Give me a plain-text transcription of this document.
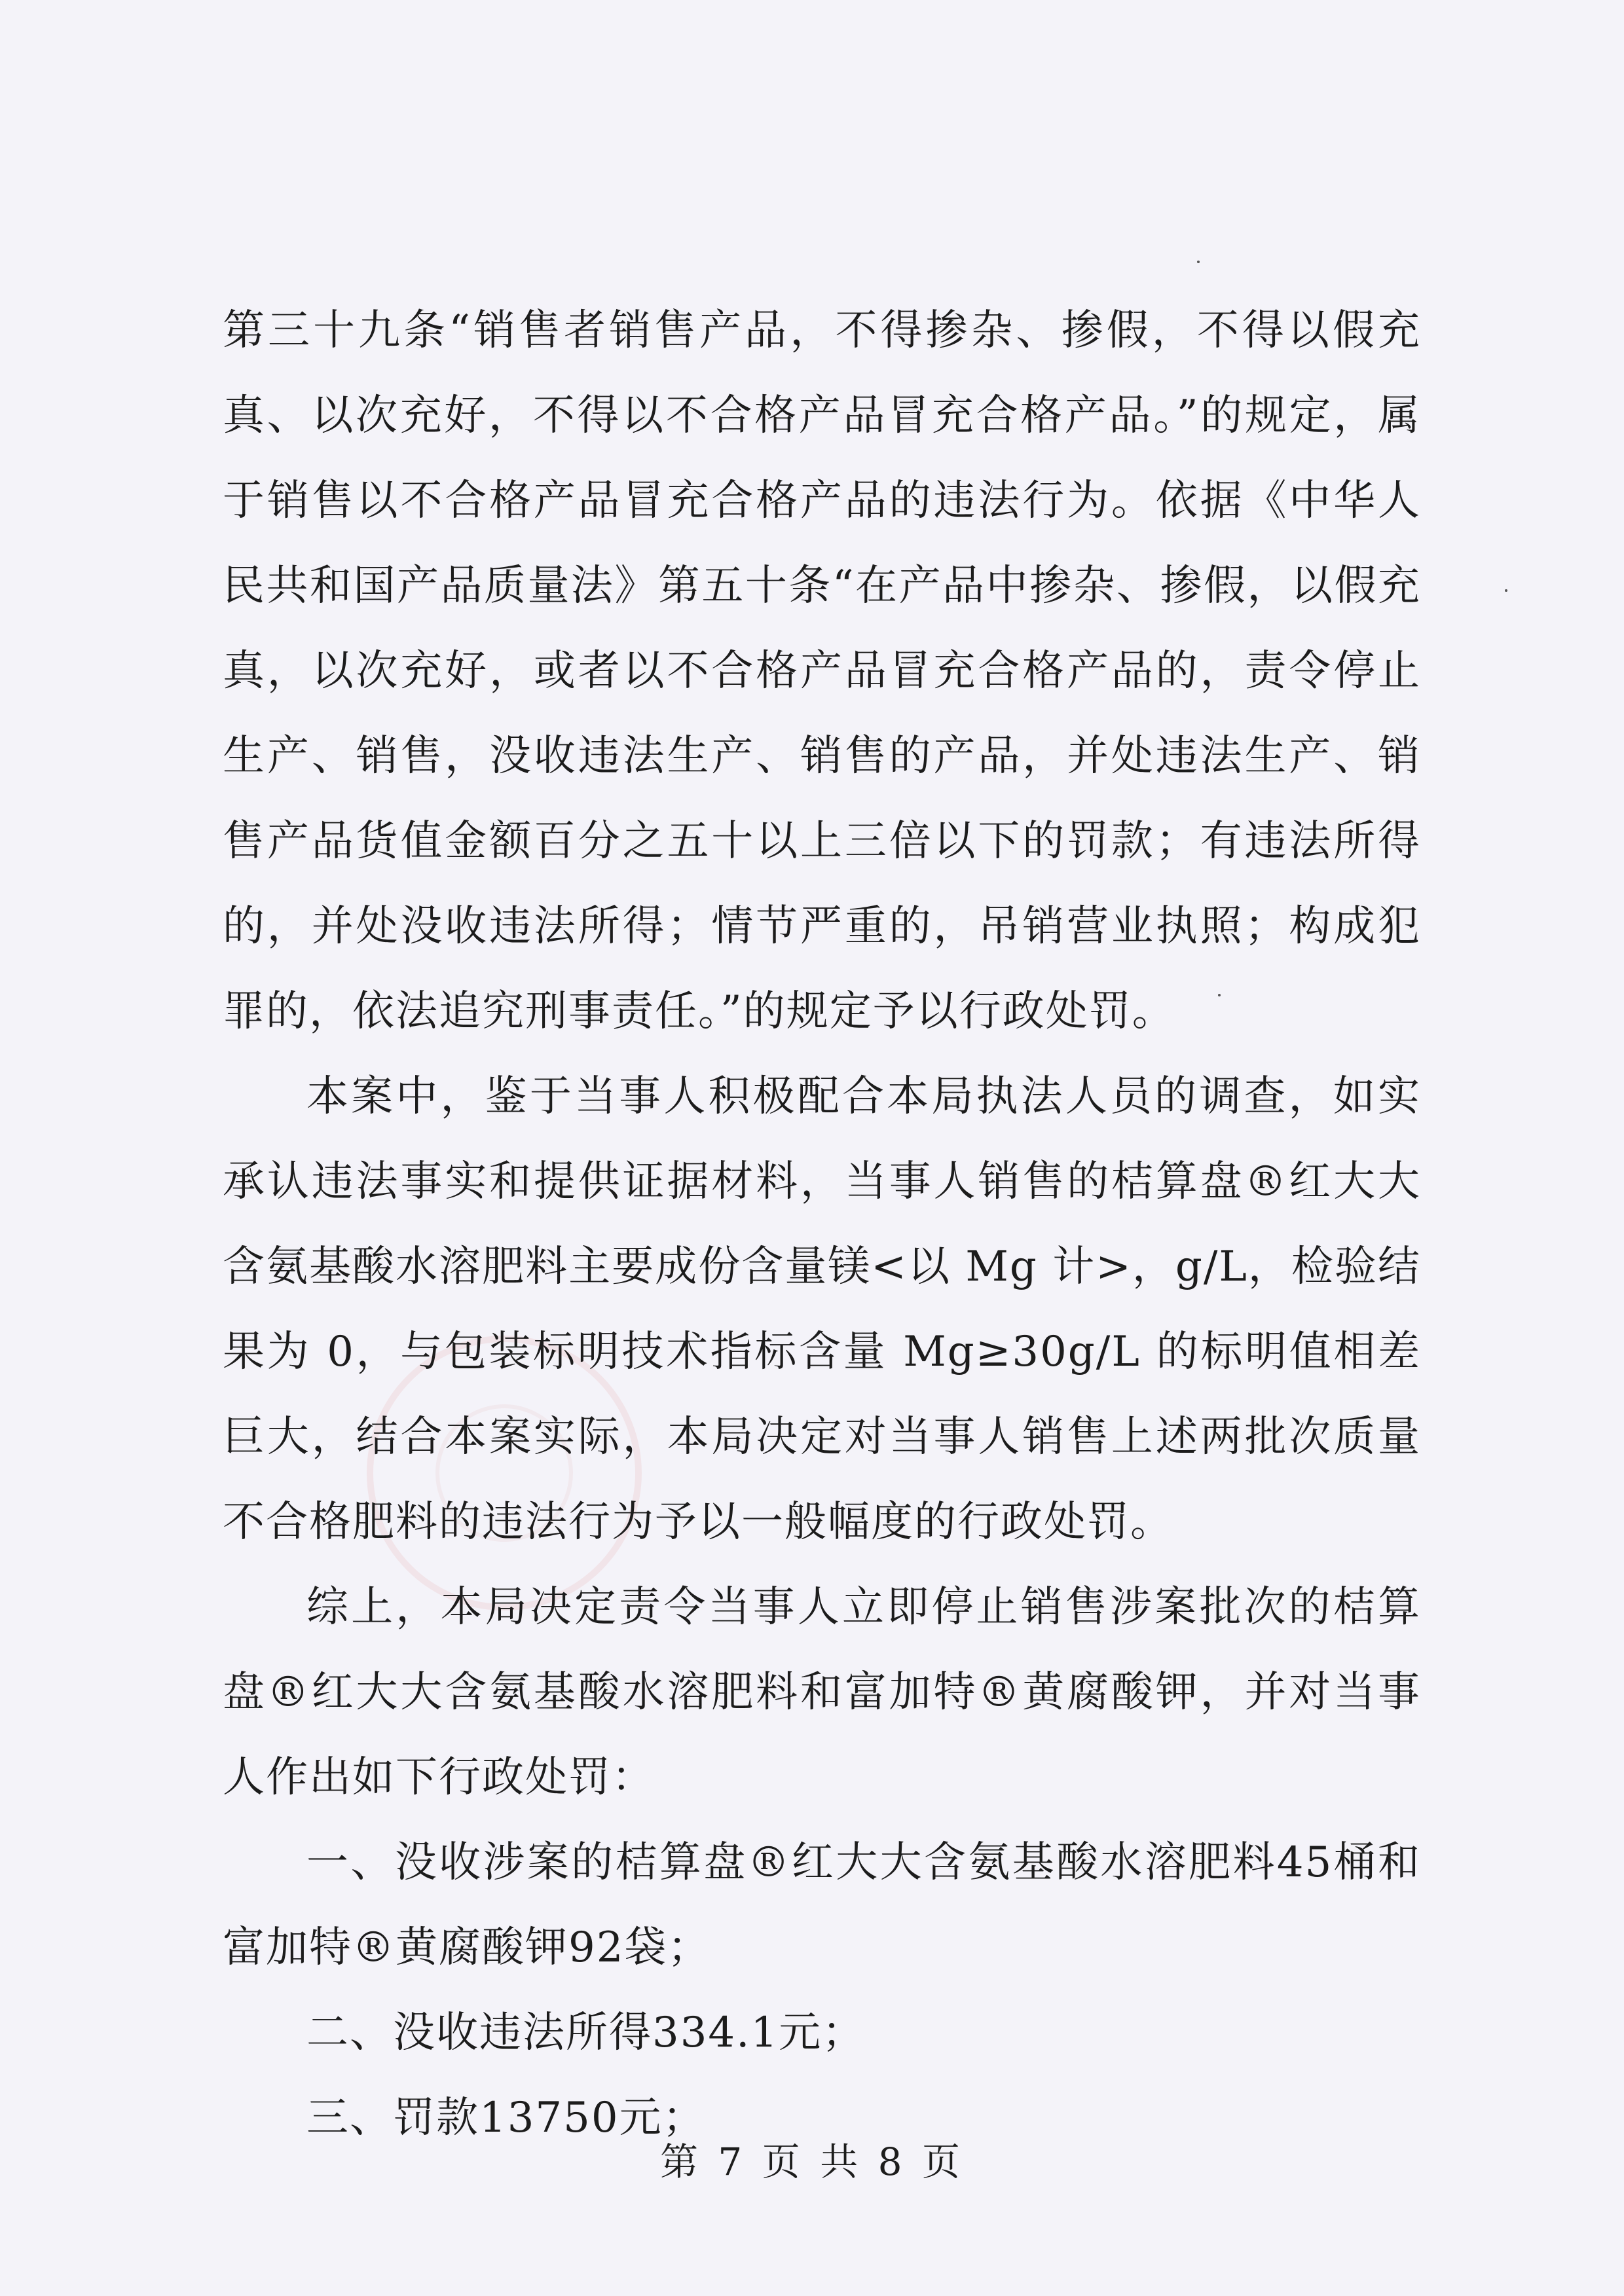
第三十九条“销售者销售产品，不得掺杂、掺假，不得以假充真、以次充好，不得以不合格产品冒充合格产品。”的规定，属于销售以不合格产品冒充合格产品的违法行为。依据《中华人民共和国产品质量法》第五十条“在产品中掺杂、掺假，以假充真，以次充好，或者以不合格产品冒充合格产品的，责令停止生产、销售，没收违法生产、销售的产品，并处违法生产、销售产品货值金额百分之五十以上三倍以下的罚款；有违法所得的，并处没收违法所得；情节严重的，吊销营业执照；构成犯罪的，依法追究刑事责任。”的规定予以行政处罚。

本案中，鉴于当事人积极配合本局执法人员的调查，如实承认违法事实和提供证据材料，当事人销售的桔算盘®红大大含氨基酸水溶肥料主要成份含量镁<以 Mg 计>，g/L，检验结果为 0，与包装标明技术指标含量 Mg≥30g/L 的标明值相差巨大，结合本案实际，本局决定对当事人销售上述两批次质量不合格肥料的违法行为予以一般幅度的行政处罚。

综上，本局决定责令当事人立即停止销售涉案批次的桔算盘®红大大含氨基酸水溶肥料和富加特®黄腐酸钾，并对当事人作出如下行政处罚：

一、没收涉案的桔算盘®红大大含氨基酸水溶肥料45桶和富加特®黄腐酸钾92袋；

二、没收违法所得334.1元；

三、罚款13750元；

第 7 页 共 8 页
